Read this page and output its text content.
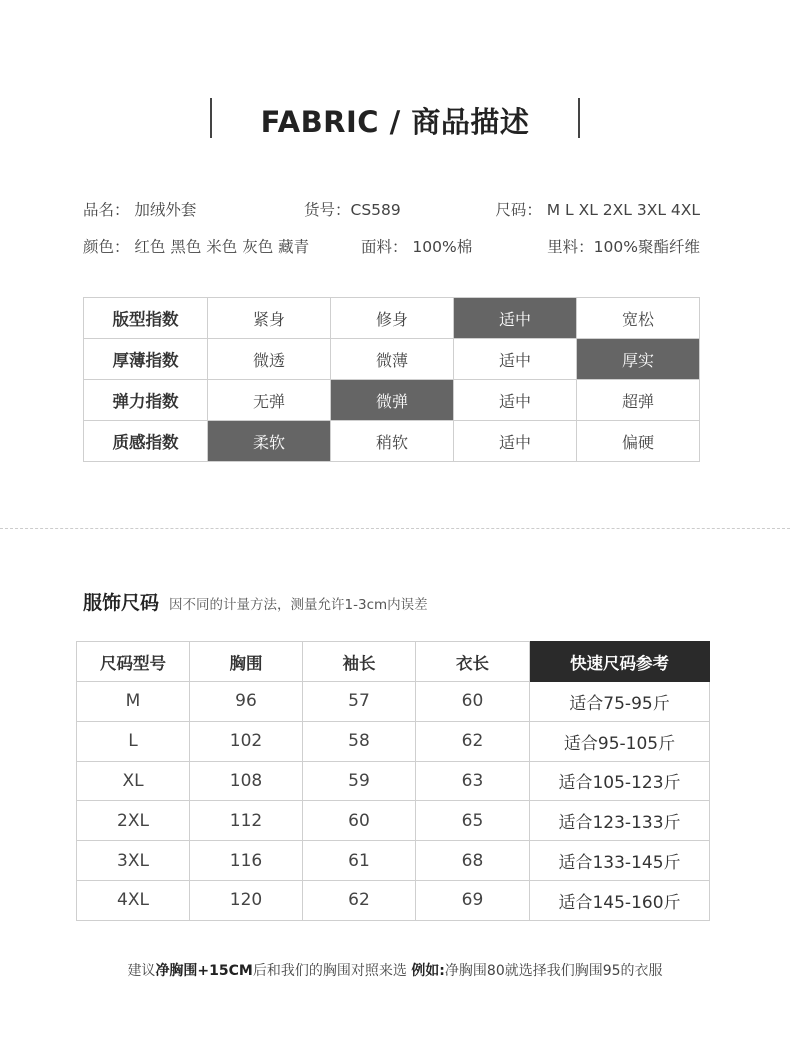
FABRIC / 商品描述
品名： 加绒外套	货号：CS589	尺码： M L XL 2XL 3XL 4XL
颜色： 红色 黑色 米色 灰色 藏青	面料： 100%棉	里料：100%聚酯纤维
版型指数	紧身	修身	适中	宽松
厚薄指数	微透	微薄	适中	厚实
弹力指数	无弹	微弹	适中	超弹
质感指数	柔软	稍软	适中	偏硬
服饰尺码 因不同的计量方法，测量允许1-3cm内误差
尺码型号	胸围	袖长	衣长	快速尺码参考
M	96	57	60	适合75-95斤
L	102	58	62	适合95-105斤
XL	108	59	63	适合105-123斤
2XL	112	60	65	适合123-133斤
3XL	116	61	68	适合133-145斤
4XL	120	62	69	适合145-160斤
建议净胸围+15CM后和我们的胸围对照来选 例如:净胸围80就选择我们胸围95的衣服
